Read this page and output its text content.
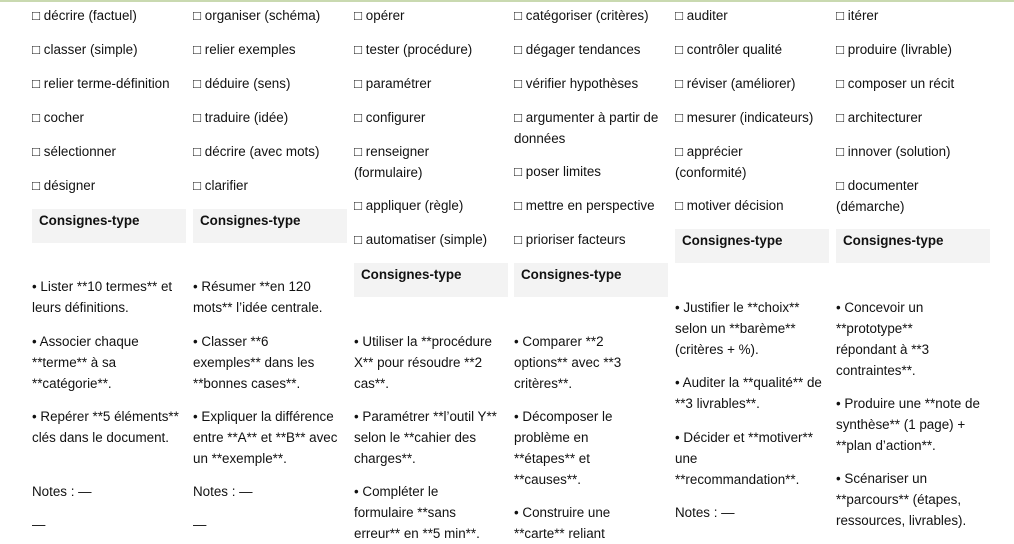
□ décrire (factuel)
□ classer (simple)
□ relier terme-définition
□ cocher
□ sélectionner
□ désigner
Consignes-type
• Lister **10 termes** et leurs définitions.
• Associer chaque **terme** à sa **catégorie**.
• Repérer **5 éléments** clés dans le document.
Notes : —
—
□ organiser (schéma)
□ relier exemples
□ déduire (sens)
□ traduire (idée)
□ décrire (avec mots)
□ clarifier
Consignes-type
• Résumer **en 120 mots** l’idée centrale.
• Classer **6 exemples** dans les **bonnes cases**.
• Expliquer la différence entre **A** et **B** avec un **exemple**.
Notes : —
—
□ opérer
□ tester (procédure)
□ paramétrer
□ configurer
□ renseigner (formulaire)
□ appliquer (règle)
□ automatiser (simple)
Consignes-type
• Utiliser la **procédure X** pour résoudre **2 cas**.
• Paramétrer **l’outil Y** selon le **cahier des charges**.
• Compléter le formulaire **sans erreur** en **5 min**.
□ catégoriser (critères)
□ dégager tendances
□ vérifier hypothèses
□ argumenter à partir de données
□ poser limites
□ mettre en perspective
□ prioriser facteurs
Consignes-type
• Comparer **2 options** avec **3 critères**.
• Décomposer le problème en **étapes** et **causes**.
• Construire une **carte** reliant
□ auditer
□ contrôler qualité
□ réviser (améliorer)
□ mesurer (indicateurs)
□ apprécier (conformité)
□ motiver décision
Consignes-type
• Justifier le **choix** selon un **barème** (critères + %).
• Auditer la **qualité** de **3 livrables**.
• Décider et **motiver** une **recommandation**.
Notes : —
□ itérer
□ produire (livrable)
□ composer un récit
□ architecturer
□ innover (solution)
□ documenter (démarche)
Consignes-type
• Concevoir un **prototype** répondant à **3 contraintes**.
• Produire une **note de synthèse** (1 page) + **plan d’action**.
• Scénariser un **parcours** (étapes, ressources, livrables).
